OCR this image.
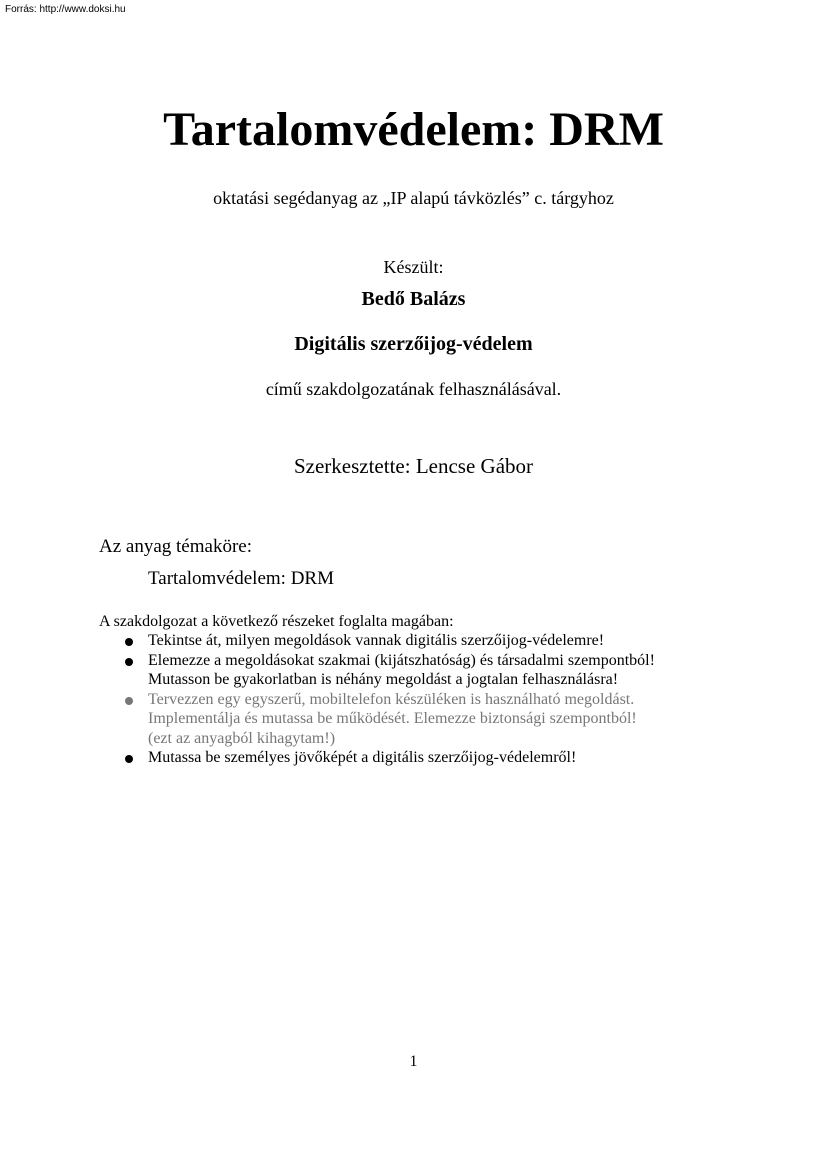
Forrás: http://www.doksi.hu
Tartalomvédelem: DRM
oktatási segédanyag az „IP alapú távközlés” c. tárgyhoz
Készült:
Bedő Balázs
Digitális szerzőijog-védelem
című szakdolgozatának felhasználásával.
Szerkesztette: Lencse Gábor
Az anyag témaköre:
Tartalomvédelem: DRM
A szakdolgozat a következő részeket foglalta magában:
Tekintse át, milyen megoldások vannak digitális szerzőijog-védelemre!
Elemezze a megoldásokat szakmai (kijátszhatóság) és társadalmi szempontból!
Mutasson be gyakorlatban is néhány megoldást a jogtalan felhasználásra!
Tervezzen egy egyszerű, mobiltelefon készüléken is használható megoldást.
Implementálja és mutassa be működését. Elemezze biztonsági szempontból!
(ezt az anyagból kihagytam!)
Mutassa be személyes jövőképét a digitális szerzőijog-védelemről!
1
